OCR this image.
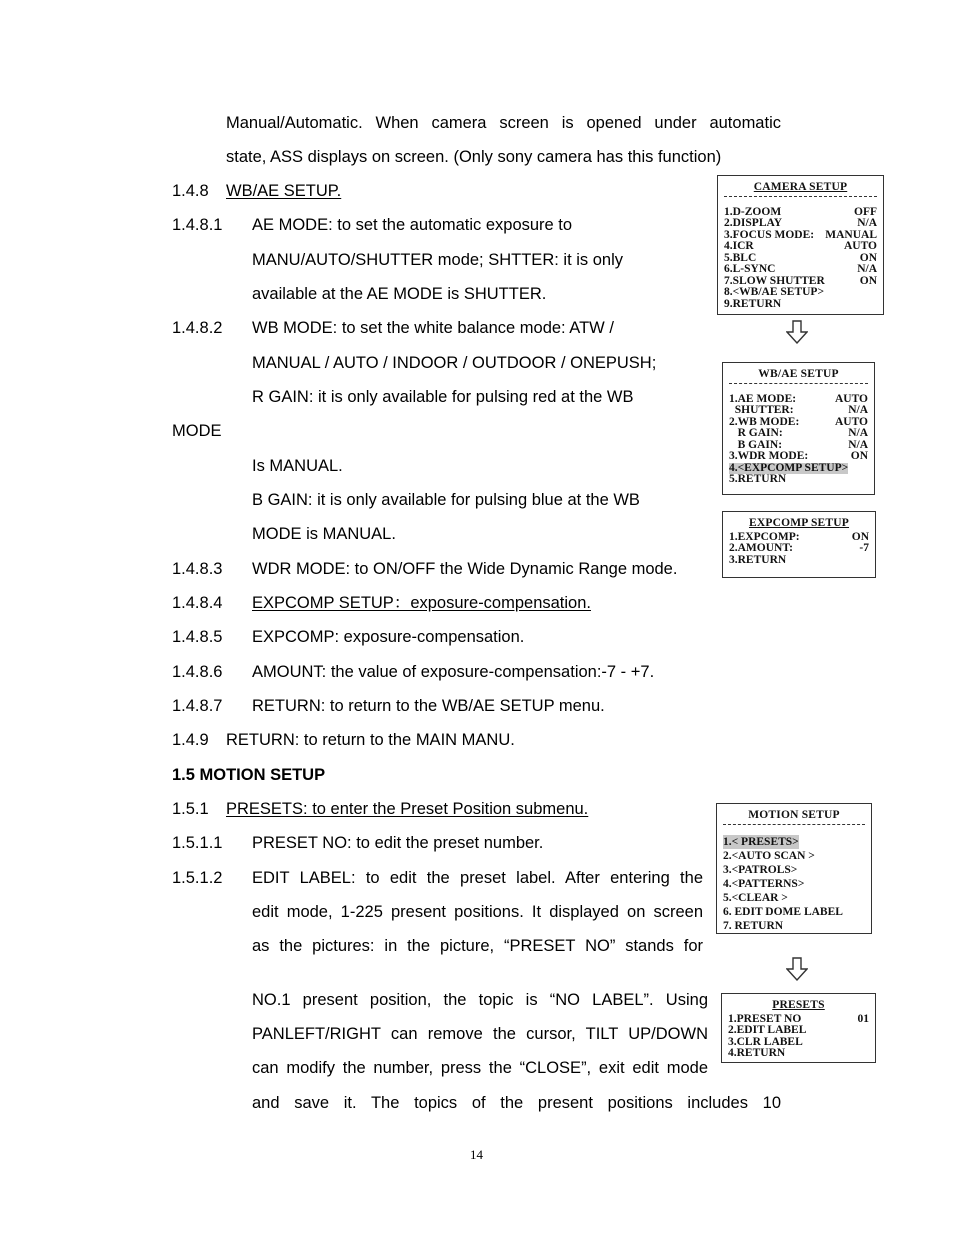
Manual/Automatic. When camera screen is opened under automatic
state, ASS displays on screen. (Only sony camera has this function)
1.4.8 WB/AE SETUP.
1.4.8.1 AE MODE: to set the automatic exposure to
MANU/AUTO/SHUTTER mode; SHTTER: it is only
available at the AE MODE is SHUTTER.
1.4.8.2 WB MODE: to set the white balance mode: ATW /
MANUAL / AUTO / INDOOR / OUTDOOR / ONEPUSH;
R GAIN: it is only available for pulsing red at the WB
MODE
Is MANUAL.
B GAIN: it is only available for pulsing blue at the WB
MODE is MANUAL.
1.4.8.3 WDR MODE: to ON/OFF the Wide Dynamic Range mode.
1.4.8.4 EXPCOMP SETUP：exposure-compensation.
1.4.8.5 EXPCOMP: exposure-compensation.
1.4.8.6 AMOUNT: the value of exposure-compensation:-7 - +7.
1.4.8.7 RETURN: to return to the WB/AE SETUP menu.
1.4.9 RETURN: to return to the MAIN MANU.
1.5 MOTION SETUP
1.5.1 PRESETS: to enter the Preset Position submenu.
1.5.1.1 PRESET NO: to edit the preset number.
1.5.1.2 EDIT LABEL: to edit the preset label. After entering the
edit mode, 1-225 present positions. It displayed on screen
as the pictures: in the picture, “PRESET NO” stands for
NO.1 present position, the topic is “NO LABEL”. Using
PANLEFT/RIGHT can remove the cursor, TILT UP/DOWN
can modify the number, press the “CLOSE”, exit edit mode
and save it. The topics of the present positions includes 10
14
CAMERA SETUP
1.D-ZOOM	OFF
2.DISPLAY	N/A
3.FOCUS MODE: MANUAL
4.ICR	AUTO
5.BLC	ON
6.L-SYNC	N/A
7.SLOW SHUTTER	ON
8.<WB/AE SETUP>
9.RETURN
WB/AE SETUP
1.AE MODE:	AUTO
SHUTTER:	N/A
2.WB MODE:	AUTO
R GAIN:	N/A
B GAIN:	N/A
3.WDR MODE:	ON
4.<EXPCOMP SETUP>
5.RETURN
EXPCOMP SETUP
1.EXPCOMP:	ON
2.AMOUNT:	-7
3.RETURN
MOTION SETUP
1.< PRESETS>
2.<AUTO SCAN >
3.<PATROLS>
4.<PATTERNS>
5.<CLEAR >
6. EDIT DOME LABEL
7. RETURN
PRESETS
1.PRESET NO	01
2.EDIT LABEL
3.CLR LABEL
4.RETURN
